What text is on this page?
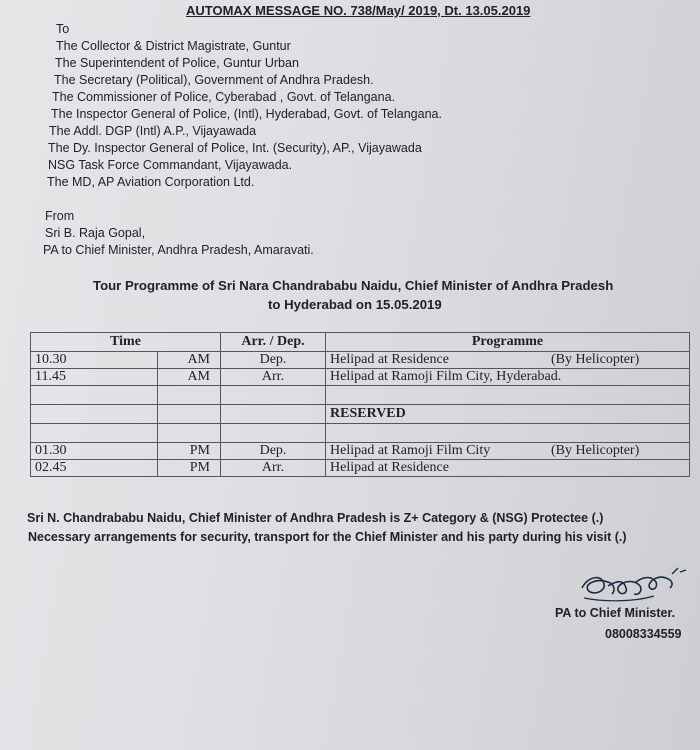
AUTOMAX MESSAGE NO. 738/May/ 2019, Dt. 13.05.2019
To
The Collector & District Magistrate, Guntur
The Superintendent of Police, Guntur Urban
The Secretary (Political), Government of Andhra Pradesh.
The Commissioner of Police, Cyberabad , Govt. of Telangana.
The Inspector General of Police, (Intl), Hyderabad, Govt. of Telangana.
The Addl. DGP (Intl) A.P., Vijayawada
The Dy. Inspector General of Police, Int. (Security), AP., Vijayawada
NSG Task Force Commandant, Vijayawada.
The MD, AP Aviation Corporation Ltd.
From
Sri B. Raja Gopal,
PA to Chief Minister, Andhra Pradesh, Amaravati.
Tour Programme of Sri Nara Chandrababu Naidu, Chief Minister of Andhra Pradesh
to Hyderabad on 15.05.2019
Time		Arr. / Dep.	Programme
10.30	AM	Dep.	Helipad at Residence (By Helicopter)

11.45	AM	Arr.	Helipad at Ramoji Film City, Hyderabad.

			RESERVED

01.30	PM	Dep.	Helipad at Ramoji Film City (By Helicopter)

02.45	PM	Arr.	Helipad at Residence
Sri N. Chandrababu Naidu, Chief Minister of Andhra Pradesh is Z+ Category & (NSG) Protectee (.)
Necessary arrangements for security, transport for the Chief Minister and his party during his visit (.)
PA to Chief Minister.
08008334559
